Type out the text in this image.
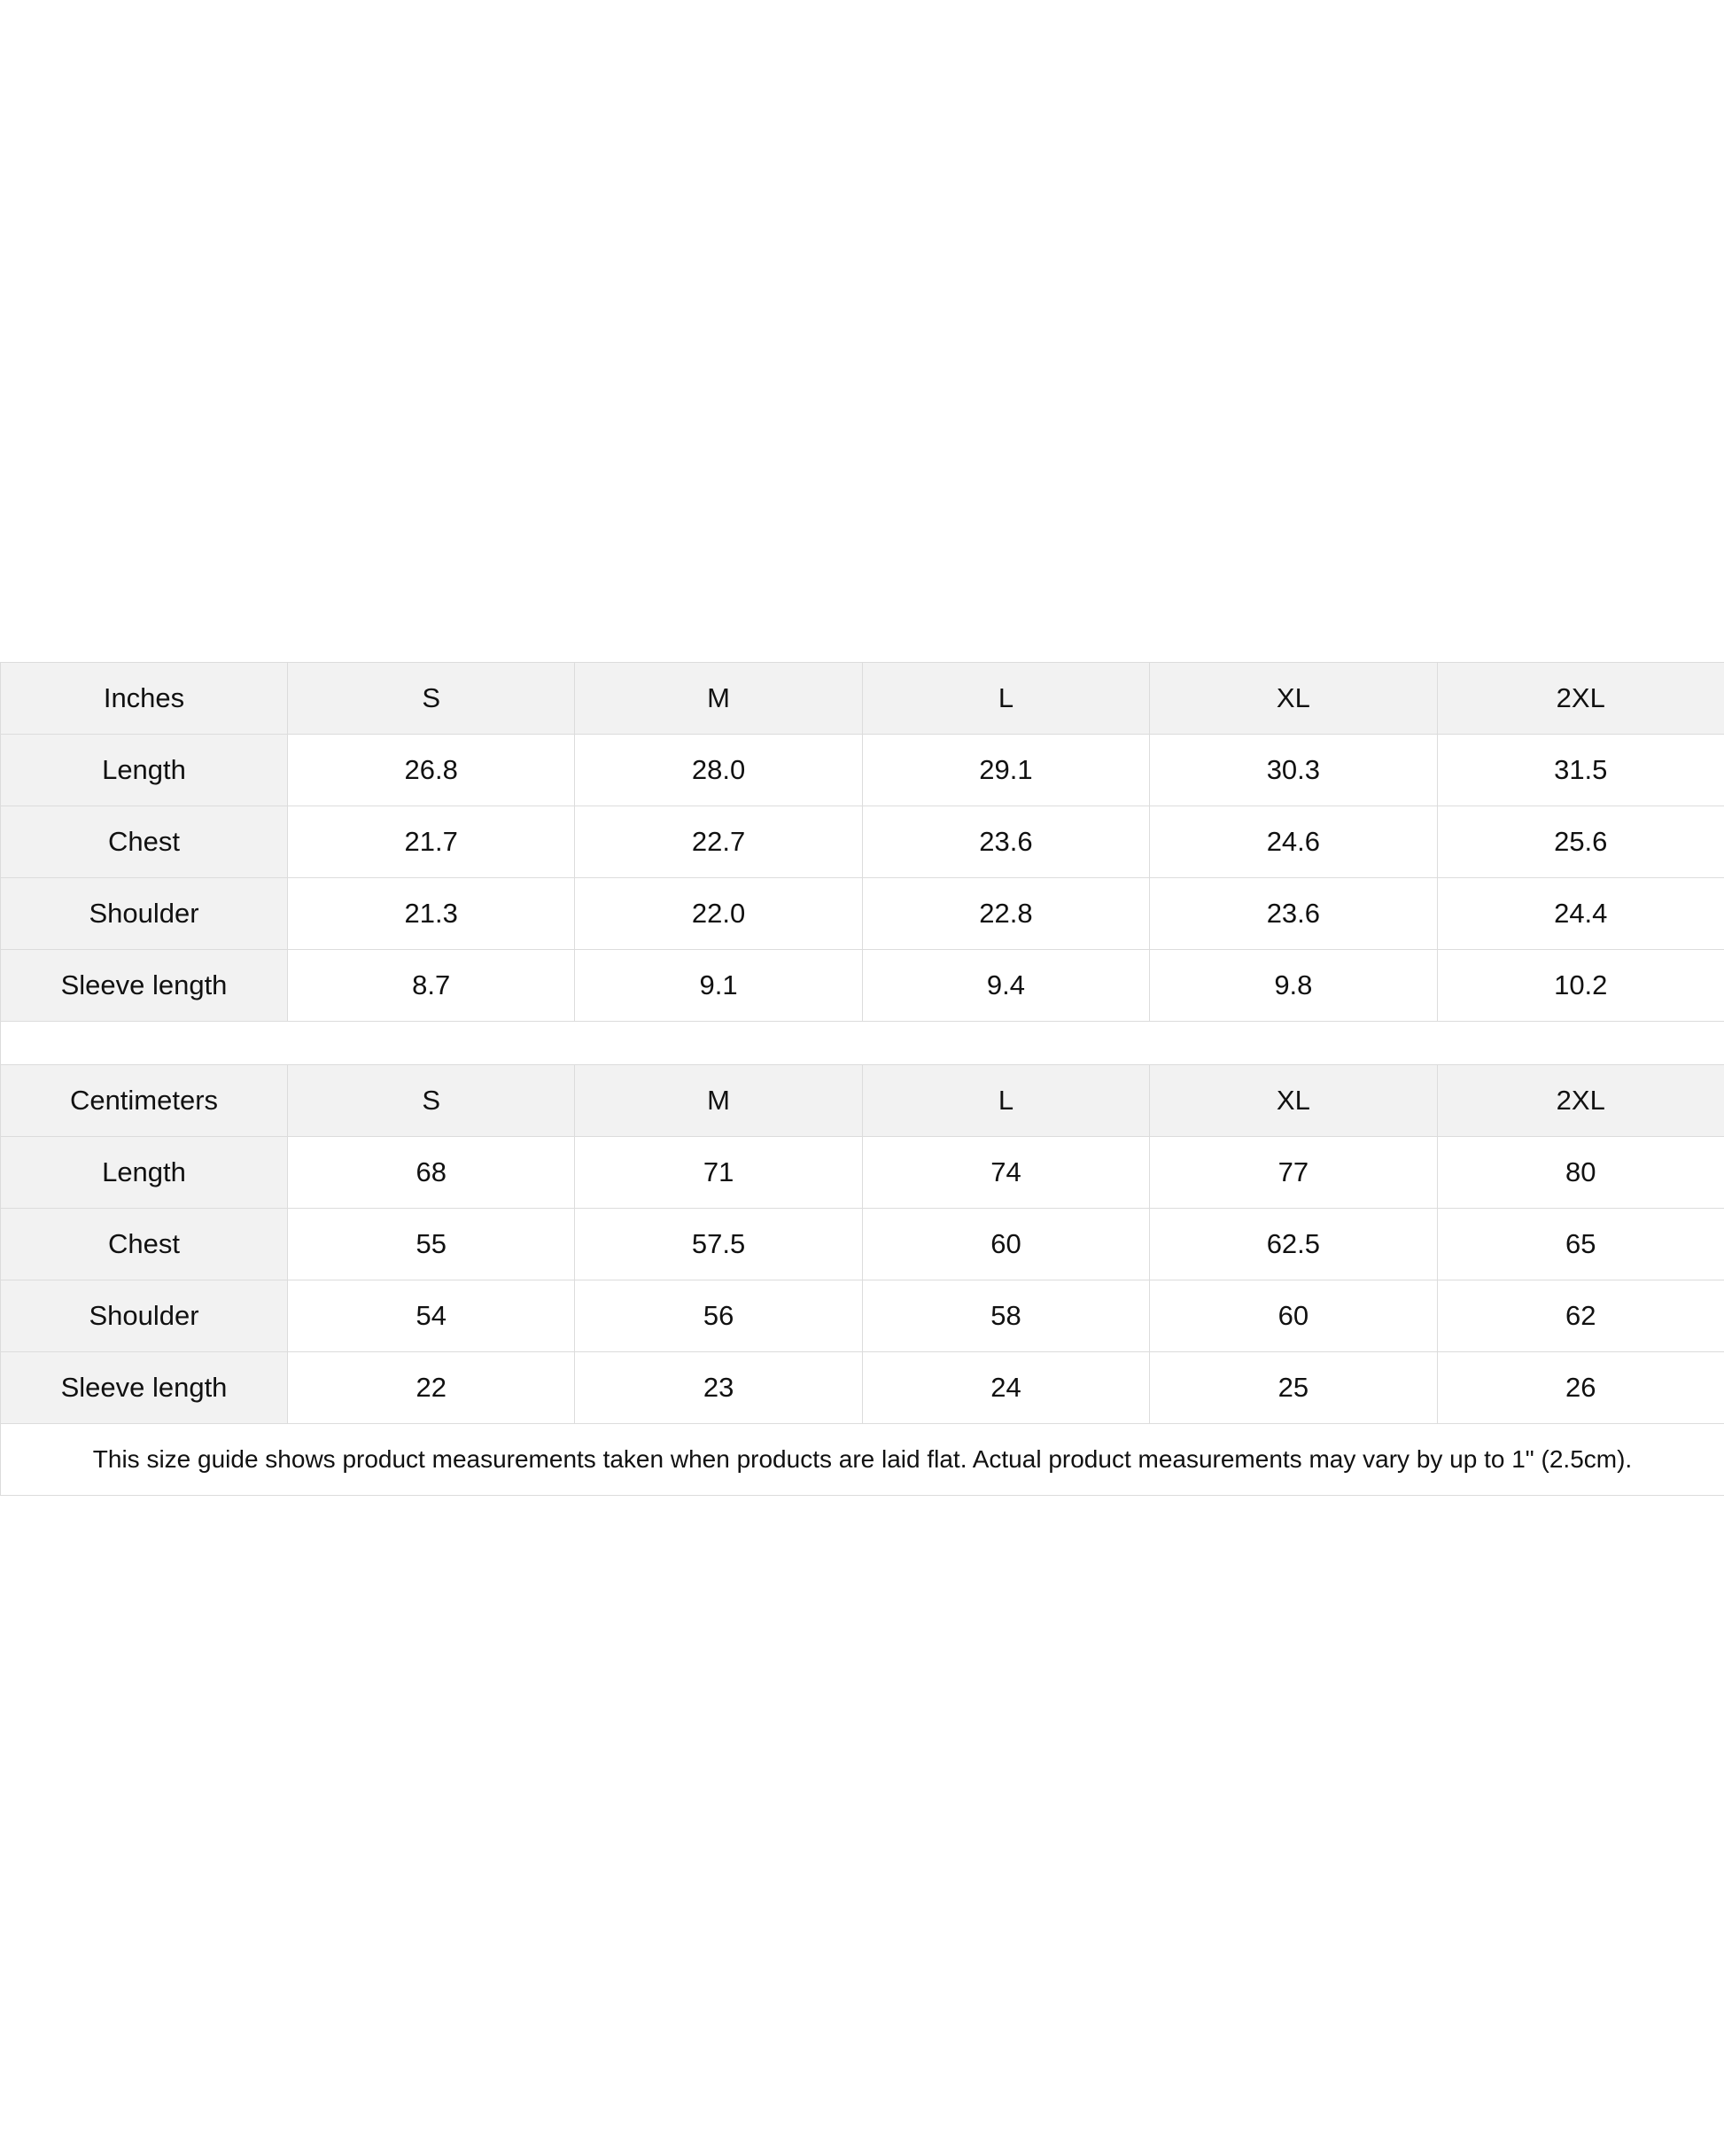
Inches	S	M	L	XL	2XL
Length	26.8	28.0	29.1	30.3	31.5
Chest	21.7	22.7	23.6	24.6	25.6
Shoulder	21.3	22.0	22.8	23.6	24.4
Sleeve length	8.7	9.1	9.4	9.8	10.2

Centimeters	S	M	L	XL	2XL
Length	68	71	74	77	80
Chest	55	57.5	60	62.5	65
Shoulder	54	56	58	60	62
Sleeve length	22	23	24	25	26
This size guide shows product measurements taken when products are laid flat. Actual product measurements may vary by up to 1" (2.5cm).					
